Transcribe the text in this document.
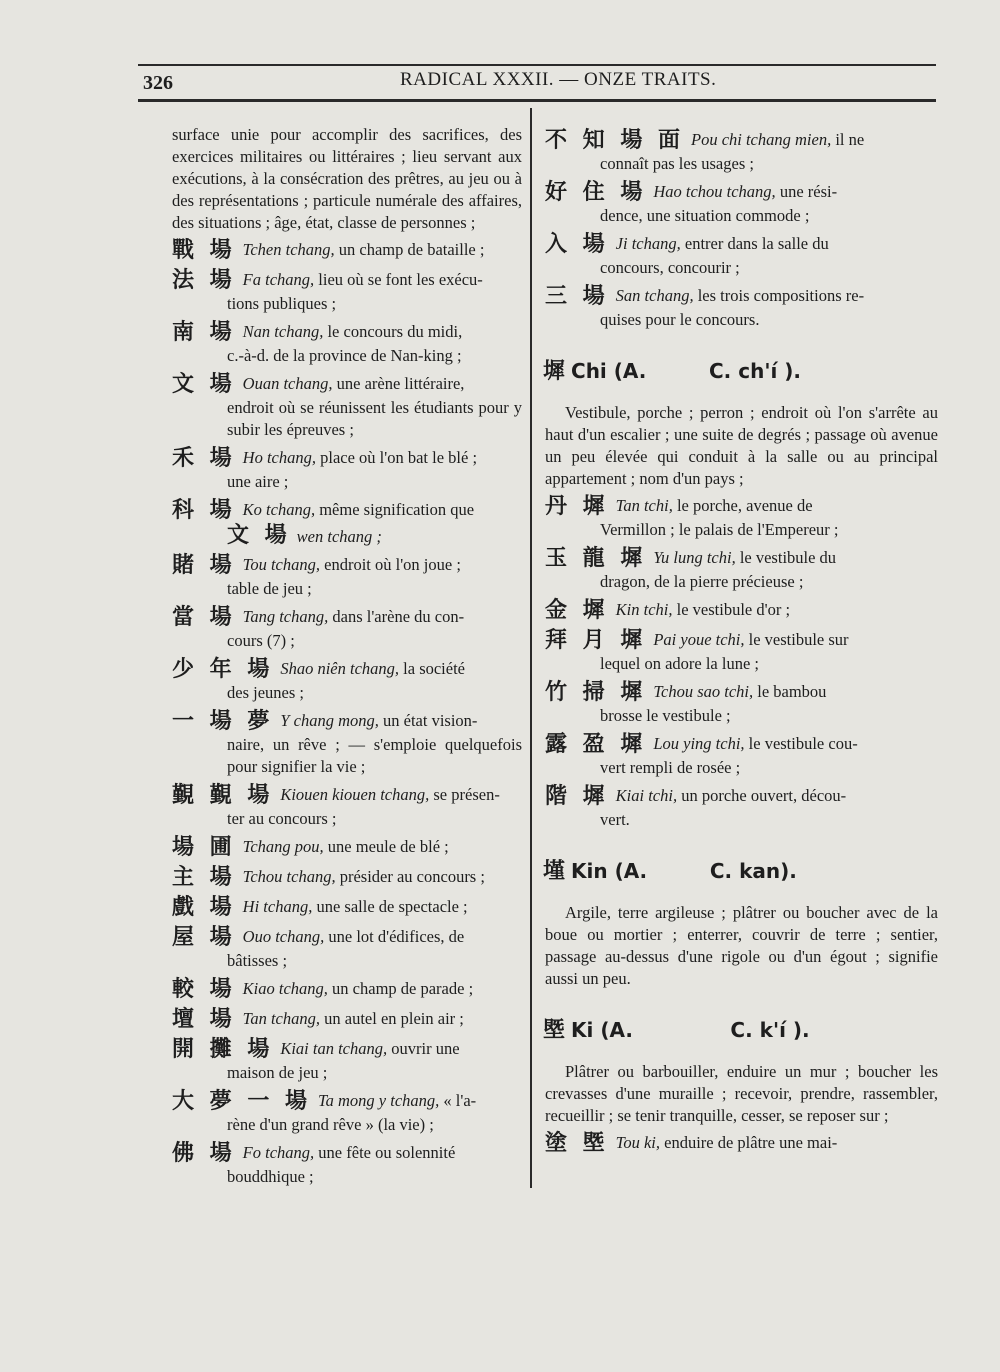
326	RADICAL XXXII. — ONZE TRAITS.

surface unie pour accomplir des sacrifices, des exercices militaires ou littéraires ; lieu servant aux exécutions, à la consécration des prêtres, au jeu ou à des représentations ; particule numérale des affaires, des situations ; âge, état, classe de personnes ;

戰 場 Tchen tchang, un champ de bataille ;
法 場 Fa tchang, lieu où se font les exécu-
tions publiques ;
南 場 Nan tchang, le concours du midi,
c.-à-d. de la province de Nan-king ;
文 場 Ouan tchang, une arène littéraire,
endroit où se réunissent les étudiants pour y subir les épreuves ;
禾 場 Ho tchang, place où l'on bat le blé ;
une aire ;
科 場 Ko tchang, même signification que
文 場 wen tchang ;
賭 場 Tou tchang, endroit où l'on joue ;
table de jeu ;
當 場 Tang tchang, dans l'arène du con-
cours (7) ;
少 年 場 Shao niên tchang, la société
des jeunes ;
一 場 夢 Y chang mong, un état vision-
naire, un rêve ; — s'emploie quelquefois pour signifier la vie ;
覲 覲 場 Kiouen kiouen tchang, se présen-
ter au concours ;
場 圃 Tchang pou, une meule de blé ;
主 場 Tchou tchang, présider au concours ;
戲 場 Hi tchang, une salle de spectacle ;
屋 場 Ouo tchang, une lot d'édifices, de
bâtisses ;
較 場 Kiao tchang, un champ de parade ;
壇 場 Tan tchang, un autel en plein air ;
開 攤 場 Kiai tan tchang, ouvrir une
maison de jeu ;
大 夢 一 場 Ta mong y tchang, « l'a-
rène d'un grand rêve » (la vie) ;
佛 場 Fo tchang, une fête ou solennité
bouddhique ;
不 知 場 面 Pou chi tchang mien, il ne
connaît pas les usages ;
好 住 場 Hao tchou tchang, une rési-
dence, une situation commode ;
入 場 Ji tchang, entrer dans la salle du
concours, concourir ;
三 場 San tchang, les trois compositions re-
quises pour le concours.
墀 Chi (A.         C. ch'í ).

Vestibule, porche ; perron ; endroit où l'on s'arrête au haut d'un escalier ; une suite de degrés ; passage où avenue un peu élevée qui conduit à la salle ou au principal appartement ; nom d'un pays ;

丹 墀 Tan tchi, le porche, avenue de
Vermillon ; le palais de l'Empereur ;
玉 龍 墀 Yu lung tchi, le vestibule du
dragon, de la pierre précieuse ;
金 墀 Kin tchi, le vestibule d'or ;
拜 月 墀 Pai youe tchi, le vestibule sur
lequel on adore la lune ;
竹 掃 墀 Tchou sao tchi, le bambou
brosse le vestibule ;
露 盈 墀 Lou ying tchi, le vestibule cou-
vert rempli de rosée ;
階 墀 Kiai tchi, un porche ouvert, décou-
vert.
墐 Kin (A.         C. kan).

Argile, terre argileuse ; plâtrer ou boucher avec de la boue ou mortier ; enterrer, couvrir de terre ; sentier, passage au-dessus d'une rigole ou d'un égout ; signifie aussi un peu.

塈 Ki (A.              C. k'í ).

Plâtrer ou barbouiller, enduire un mur ; boucher les crevasses d'une muraille ; recevoir, prendre, rassembler, recueillir ; se tenir tranquille, cesser, se reposer sur ;

塗 塈 Tou ki, enduire de plâtre une mai-
